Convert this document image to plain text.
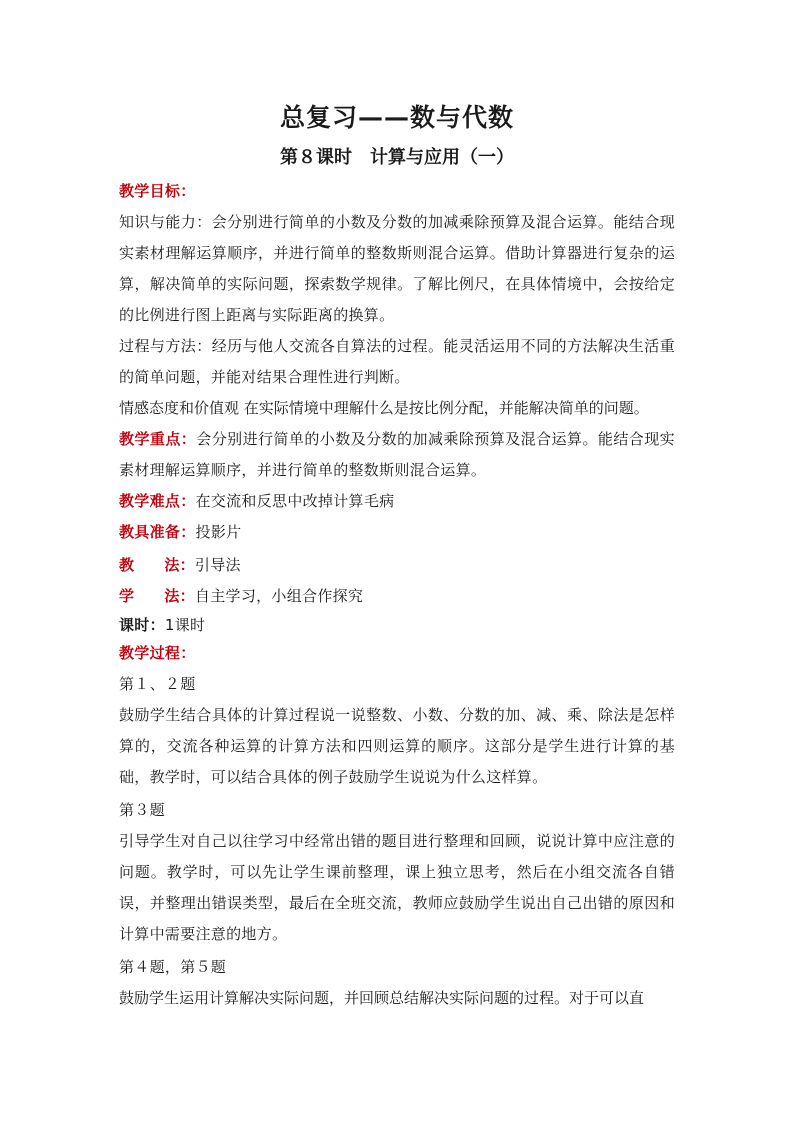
总复习——数与代数
第８课时　计算与应用（一）

教学目标：

知识与能力：会分别进行简单的小数及分数的加减乘除预算及混合运算。能结合现实素材理解运算顺序，并进行简单的整数斯则混合运算。借助计算器进行复杂的运算，解决简单的实际问题，探索数学规律。了解比例尺，在具体情境中，会按给定的比例进行图上距离与实际距离的换算。

过程与方法：经历与他人交流各自算法的过程。能灵活运用不同的方法解决生活重的简单问题，并能对结果合理性进行判断。

情感态度和价值观 在实际情境中理解什么是按比例分配，并能解决简单的问题。

教学重点：会分别进行简单的小数及分数的加减乘除预算及混合运算。能结合现实素材理解运算顺序，并进行简单的整数斯则混合运算。

教学难点：在交流和反思中改掉计算毛病

教具准备：投影片

教 法：引导法

学 法：自主学习，小组合作探究

课时：1课时

教学过程：

第１、２题

鼓励学生结合具体的计算过程说一说整数、小数、分数的加、减、乘、除法是怎样算的，交流各种运算的计算方法和四则运算的顺序。这部分是学生进行计算的基础，教学时，可以结合具体的例子鼓励学生说说为什么这样算。

第３题

引导学生对自己以往学习中经常出错的题目进行整理和回顾，说说计算中应注意的问题。教学时，可以先让学生课前整理，课上独立思考，然后在小组交流各自错误，并整理出错误类型，最后在全班交流，教师应鼓励学生说出自己出错的原因和计算中需要注意的地方。

第４题，第５题

鼓励学生运用计算解决实际问题，并回顾总结解决实际问题的过程。对于可以直
